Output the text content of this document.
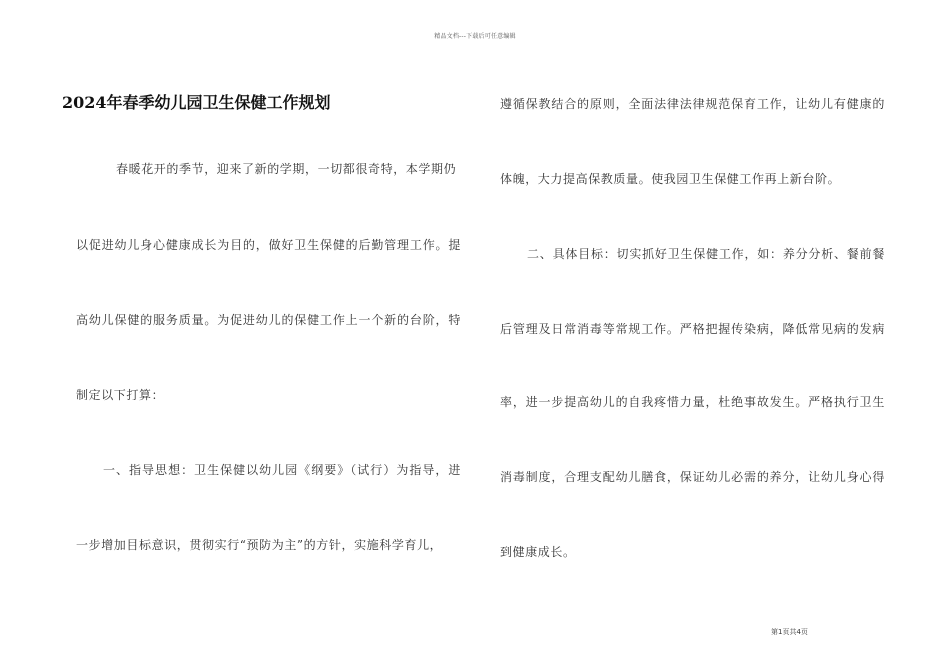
精品文档---下载后可任意编辑
2024年春季幼儿园卫生保健工作规划
春暖花开的季节，迎来了新的学期，一切都很奇特，本学期仍
以促进幼儿身心健康成长为目的，做好卫生保健的后勤管理工作。提
高幼儿保健的服务质量。为促进幼儿的保健工作上一个新的台阶，特
制定以下打算：
一、指导思想：卫生保健以幼儿园《纲要》（试行）为指导，进
一步增加目标意识，贯彻实行“预防为主”的方针，实施科学育儿，
遵循保教结合的原则，全面法律法律规范保育工作，让幼儿有健康的
体魄，大力提高保教质量。使我园卫生保健工作再上新台阶。
二、具体目标：切实抓好卫生保健工作，如：养分分析、餐前餐
后管理及日常消毒等常规工作。严格把握传染病，降低常见病的发病
率，进一步提高幼儿的自我疼惜力量，杜绝事故发生。严格执行卫生
消毒制度，合理支配幼儿膳食，保证幼儿必需的养分，让幼儿身心得
到健康成长。
第1页共4页
